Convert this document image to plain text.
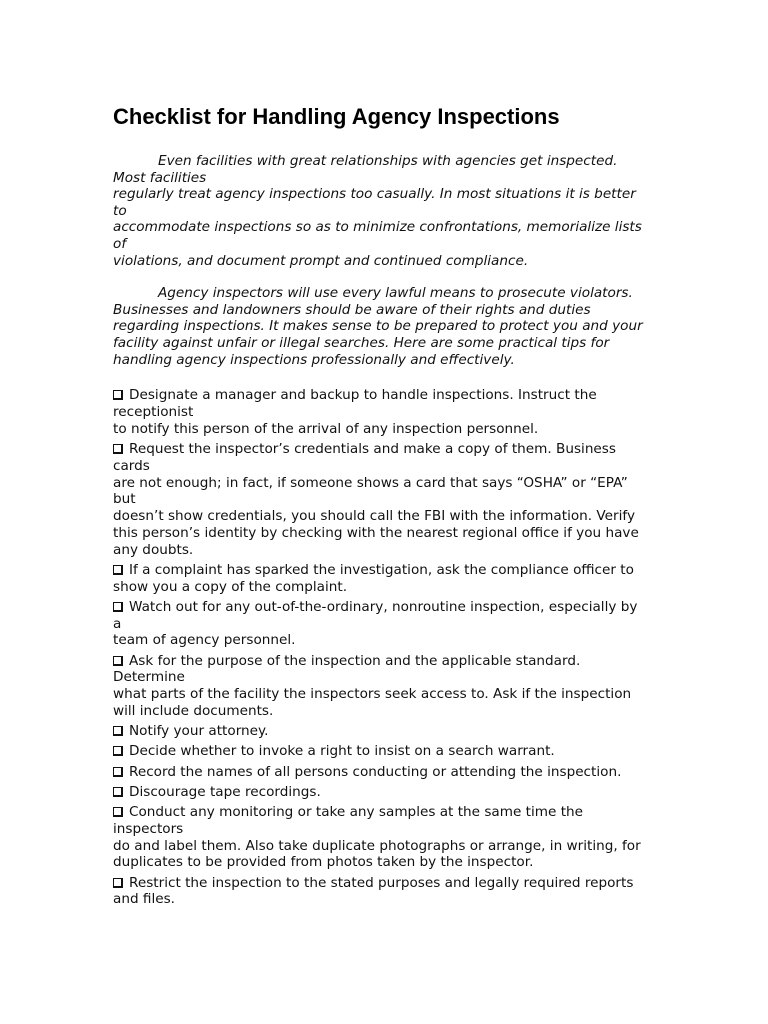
Checklist for Handling Agency Inspections
Even facilities with great relationships with agencies get inspected.
Most facilities
regularly treat agency inspections too casually. In most situations it is better
to
accommodate inspections so as to minimize confrontations, memorialize lists
of
violations, and document prompt and continued compliance.
Agency inspectors will use every lawful means to prosecute violators.
Businesses and landowners should be aware of their rights and duties
regarding inspections. It makes sense to be prepared to protect you and your
facility against unfair or illegal searches. Here are some practical tips for
handling agency inspections professionally and effectively.
Designate a manager and backup to handle inspections. Instruct the
receptionist
to notify this person of the arrival of any inspection personnel.
Request the inspector’s credentials and make a copy of them. Business
cards
are not enough; in fact, if someone shows a card that says “OSHA” or “EPA”
but
doesn’t show credentials, you should call the FBI with the information. Verify
this person’s identity by checking with the nearest regional office if you have
any doubts.
If a complaint has sparked the investigation, ask the compliance officer to
show you a copy of the complaint.
Watch out for any out-of-the-ordinary, nonroutine inspection, especially by
a
team of agency personnel.
Ask for the purpose of the inspection and the applicable standard.
Determine
what parts of the facility the inspectors seek access to. Ask if the inspection
will include documents.
Notify your attorney.
Decide whether to invoke a right to insist on a search warrant.
Record the names of all persons conducting or attending the inspection.
Discourage tape recordings.
Conduct any monitoring or take any samples at the same time the
inspectors
do and label them. Also take duplicate photographs or arrange, in writing, for
duplicates to be provided from photos taken by the inspector.
Restrict the inspection to the stated purposes and legally required reports
and files.
